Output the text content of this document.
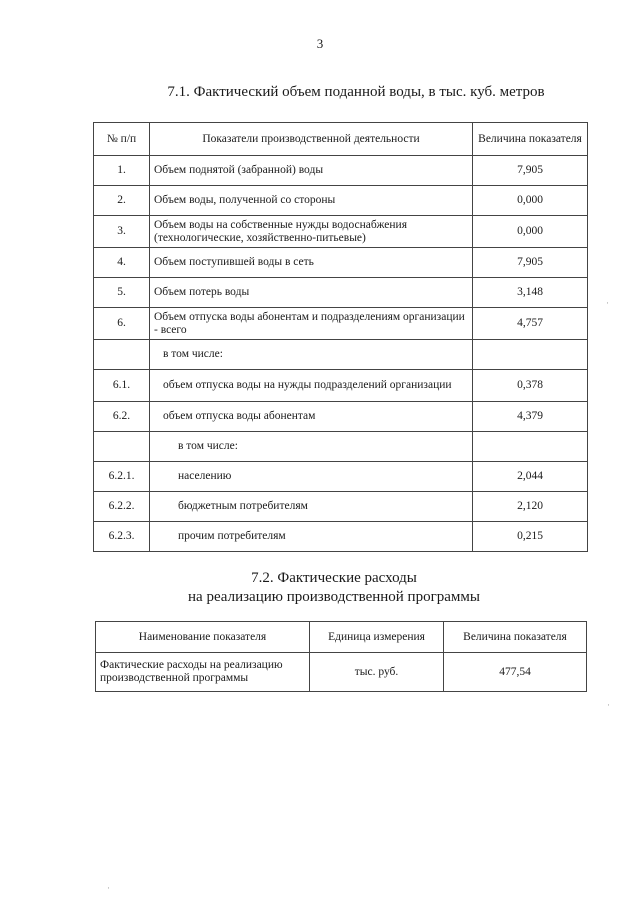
3
7.1. Фактический объем поданной воды, в тыс. куб. метров
№ п/п	Показатели производственной деятельности	Величина показателя
1.	Объем поднятой (забранной) воды	7,905
2.	Объем воды, полученной со стороны	0,000
3.	Объем воды на собственные нужды водоснабжения (технологические, хозяйственно-питьевые)	0,000
4.	Объем поступившей воды в сеть	7,905
5.	Объем потерь воды	3,148
6.	Объем отпуска воды абонентам и подразделениям организации - всего	4,757
	в том числе:	
6.1.	объем отпуска воды на нужды подразделений организации	0,378
6.2.	объем отпуска воды абонентам	4,379
	в том числе:	
6.2.1.	населению	2,044
6.2.2.	бюджетным потребителям	2,120
6.2.3.	прочим потребителям	0,215
7.2. Фактические расходы
на реализацию производственной программы
Наименование показателя	Единица измерения	Величина показателя
Фактические расходы на реализацию производственной программы	тыс. руб.	477,54
·
·
·
